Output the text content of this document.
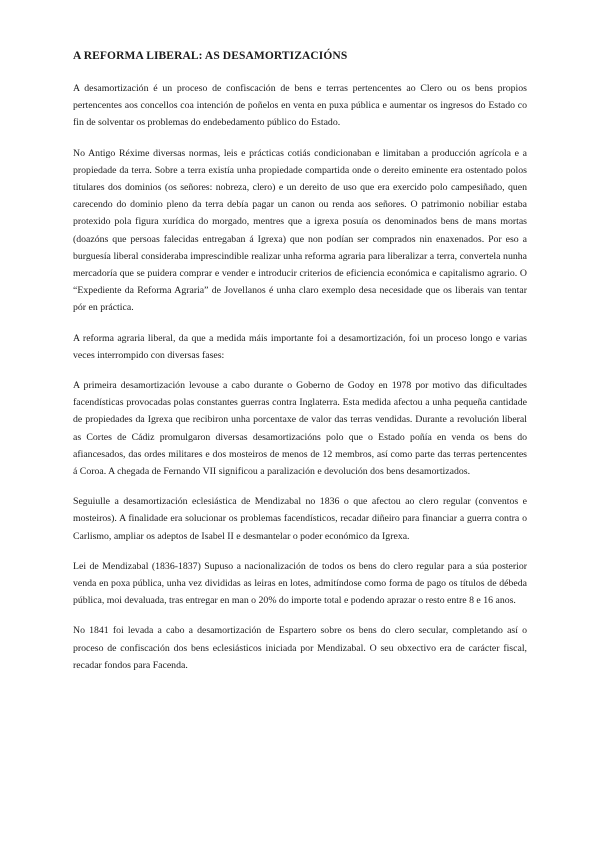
A REFORMA LIBERAL: AS DESAMORTIZACIÓNS

A desamortización é un proceso de confiscación de bens e terras pertencentes ao Clero ou os bens propios pertencentes aos concellos coa intención de poñelos en venta en puxa pública e aumentar os ingresos do Estado co fin de solventar os problemas do endebedamento público do Estado.

No Antigo Réxime diversas normas, leis e prácticas cotiás condicionaban e limitaban a producción agrícola e a propiedade da terra. Sobre a terra existía unha propiedade compartida onde o dereito eminente era ostentado polos titulares dos dominios (os señores: nobreza, clero) e un dereito de uso que era exercido polo campesiñado, quen carecendo do dominio pleno da terra debía pagar un canon ou renda aos señores. O patrimonio nobiliar estaba protexido pola figura xurídica do morgado, mentres que a igrexa posuía os denominados bens de mans mortas (doazóns que persoas falecidas entregaban á Igrexa) que non podían ser comprados nin enaxenados. Por eso a burguesía liberal consideraba imprescindible realizar unha reforma agraria para liberalizar a terra, convertela nunha mercadoría que se puidera comprar e vender e introducir criterios de eficiencia económica e capitalismo agrario. O “Expediente da Reforma Agraria” de Jovellanos é unha claro exemplo desa necesidade que os liberais van tentar pór en práctica.

A reforma agraria liberal, da que a medida máis importante foi a desamortización, foi un proceso longo e varias veces interrompido con diversas fases:

A primeira desamortización levouse a cabo durante o Goberno de Godoy en 1978 por motivo das dificultades facendísticas provocadas polas constantes guerras contra Inglaterra. Esta medida afectou a unha pequeña cantidade de propiedades da Igrexa que recibiron unha porcentaxe de valor das terras vendidas. Durante a revolución liberal as Cortes de Cádiz promulgaron diversas desamortizacións polo que o Estado poñía en venda os bens do afiancesados, das ordes militares e dos mosteiros de menos de 12 membros, así como parte das terras pertencentes á Coroa. A chegada de Fernando VII significou a paralización e devolución dos bens desamortizados.

Seguiulle a desamortización eclesiástica de Mendizabal no 1836 o que afectou ao clero regular (conventos e mosteiros). A finalidade era solucionar os problemas facendísticos, recadar diñeiro para financiar a guerra contra o Carlismo, ampliar os adeptos de Isabel II e desmantelar o poder económico da Igrexa.

Lei de Mendizabal (1836-1837) Supuso a nacionalización de todos os bens do clero regular para a súa posterior venda en poxa pública, unha vez divididas as leiras en lotes, admitíndose como forma de pago os títulos de débeda pública, moi devaluada, tras entregar en man o 20% do importe total e podendo aprazar o resto entre 8 e 16 anos.

No 1841 foi levada a cabo a desamortización de Espartero sobre os bens do clero secular, completando así o proceso de confiscación dos bens eclesiásticos iniciada por Mendizabal. O seu obxectivo era de carácter fiscal, recadar fondos para Facenda.
